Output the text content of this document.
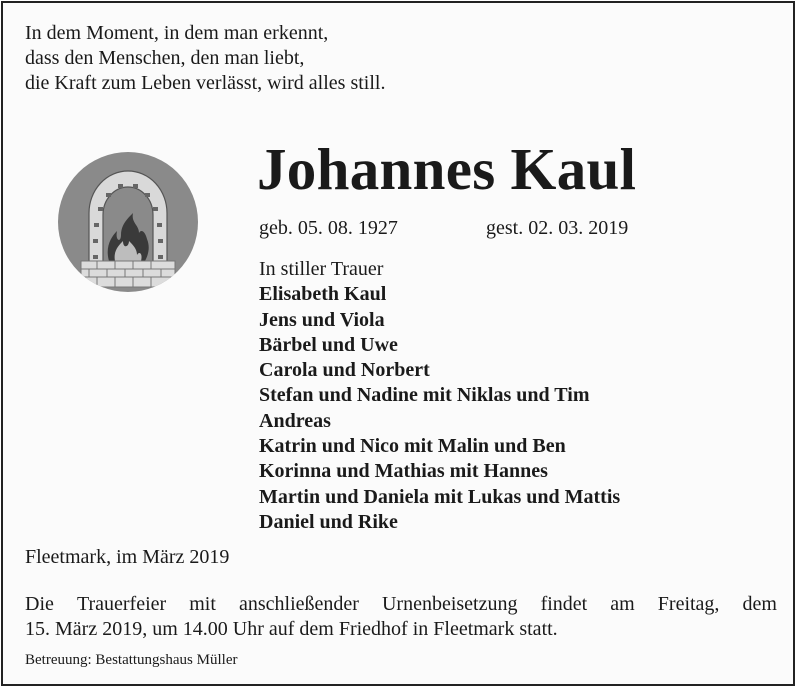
In dem Moment, in dem man erkennt,
dass den Menschen, den man liebt,
die Kraft zum Leben verlässt, wird alles still.
Johannes Kaul
geb. 05. 08. 1927	gest. 02. 03. 2019
In stiller Trauer
Elisabeth Kaul
Jens und Viola
Bärbel und Uwe
Carola und Norbert
Stefan und Nadine mit Niklas und Tim
Andreas
Katrin und Nico mit Malin und Ben
Korinna und Mathias mit Hannes
Martin und Daniela mit Lukas und Mattis
Daniel und Rike
Fleetmark, im März 2019
Die Trauerfeier mit anschließender Urnenbeisetzung findet am Freitag, dem
15. März 2019, um 14.00 Uhr auf dem Friedhof in Fleetmark statt.
Betreuung: Bestattungshaus Müller
